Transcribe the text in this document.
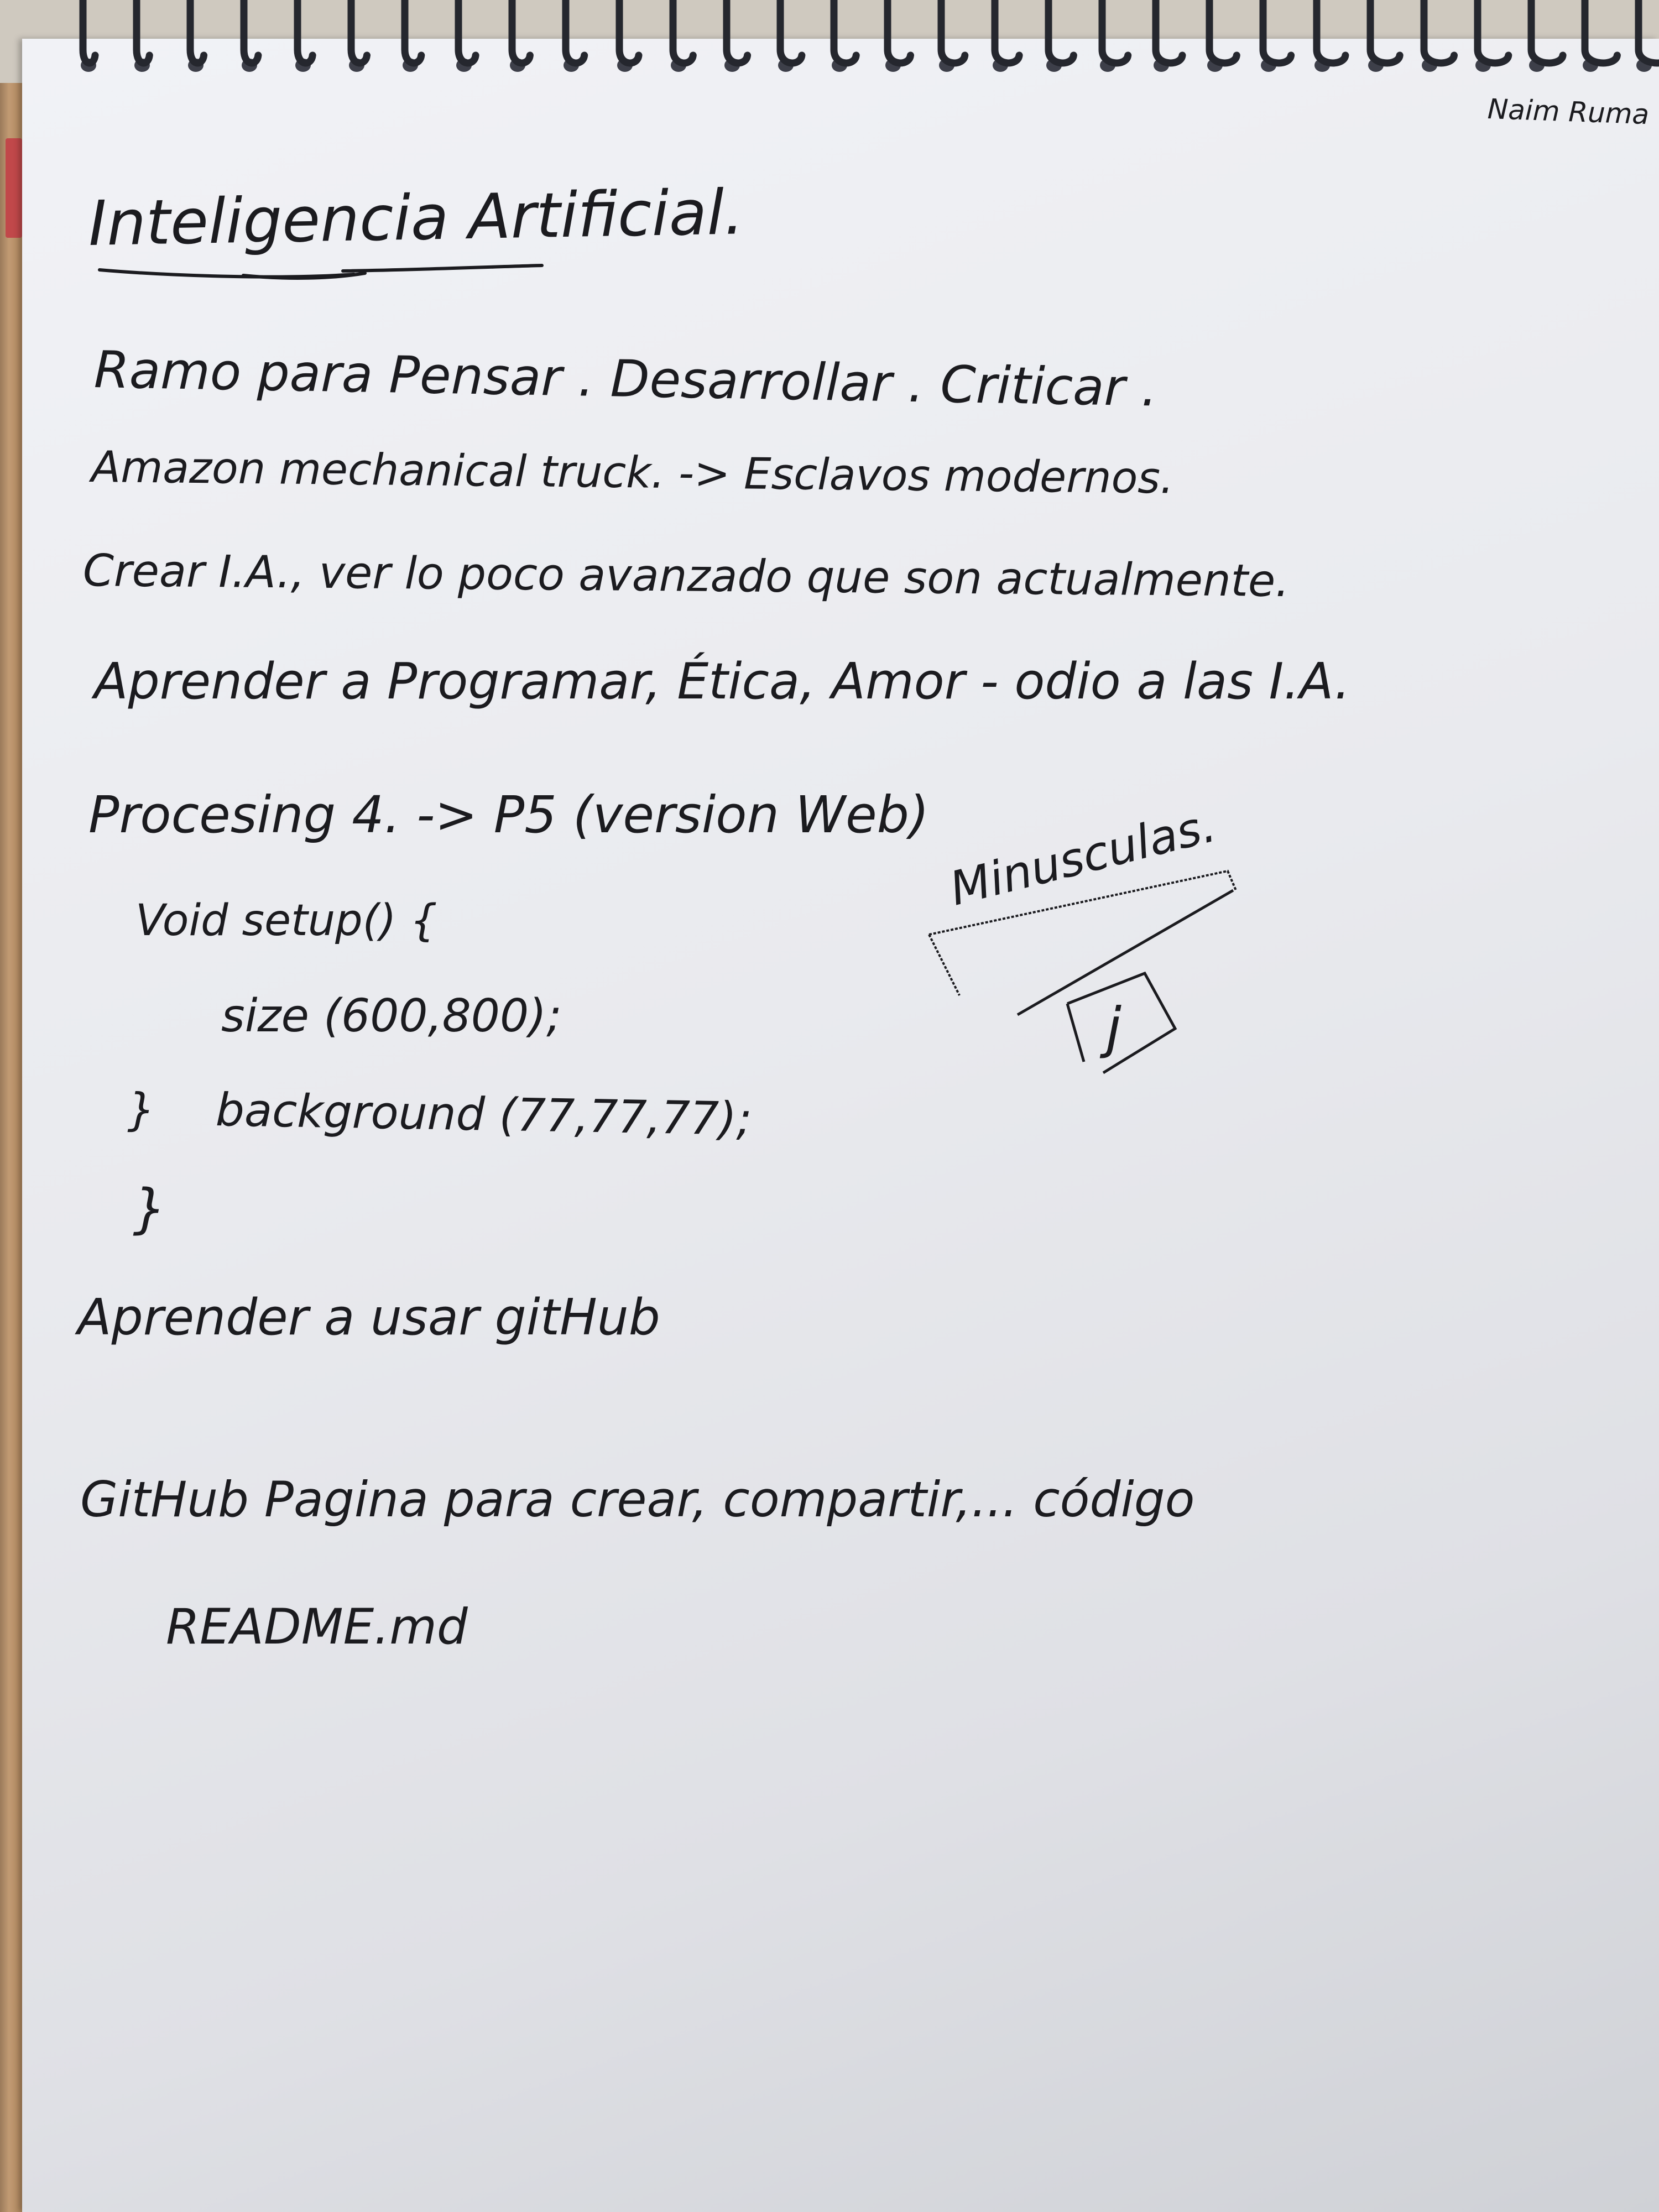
Naim Ruma
Inteligencia Artificial.
Ramo para Pensar . Desarrollar . Criticar .
Amazon mechanical truck. -> Esclavos modernos.
Crear I.A., ver lo poco avanzado que son actualmente.
Aprender a Programar, Ética, Amor - odio a las I.A.
Procesing 4. -> P5 (version Web)
Void setup() {
size (600,800);
} background (77,77,77);
}
Minusculas.
j
Aprender a usar gitHub
GitHub Pagina para crear, compartir,... código
README.md
